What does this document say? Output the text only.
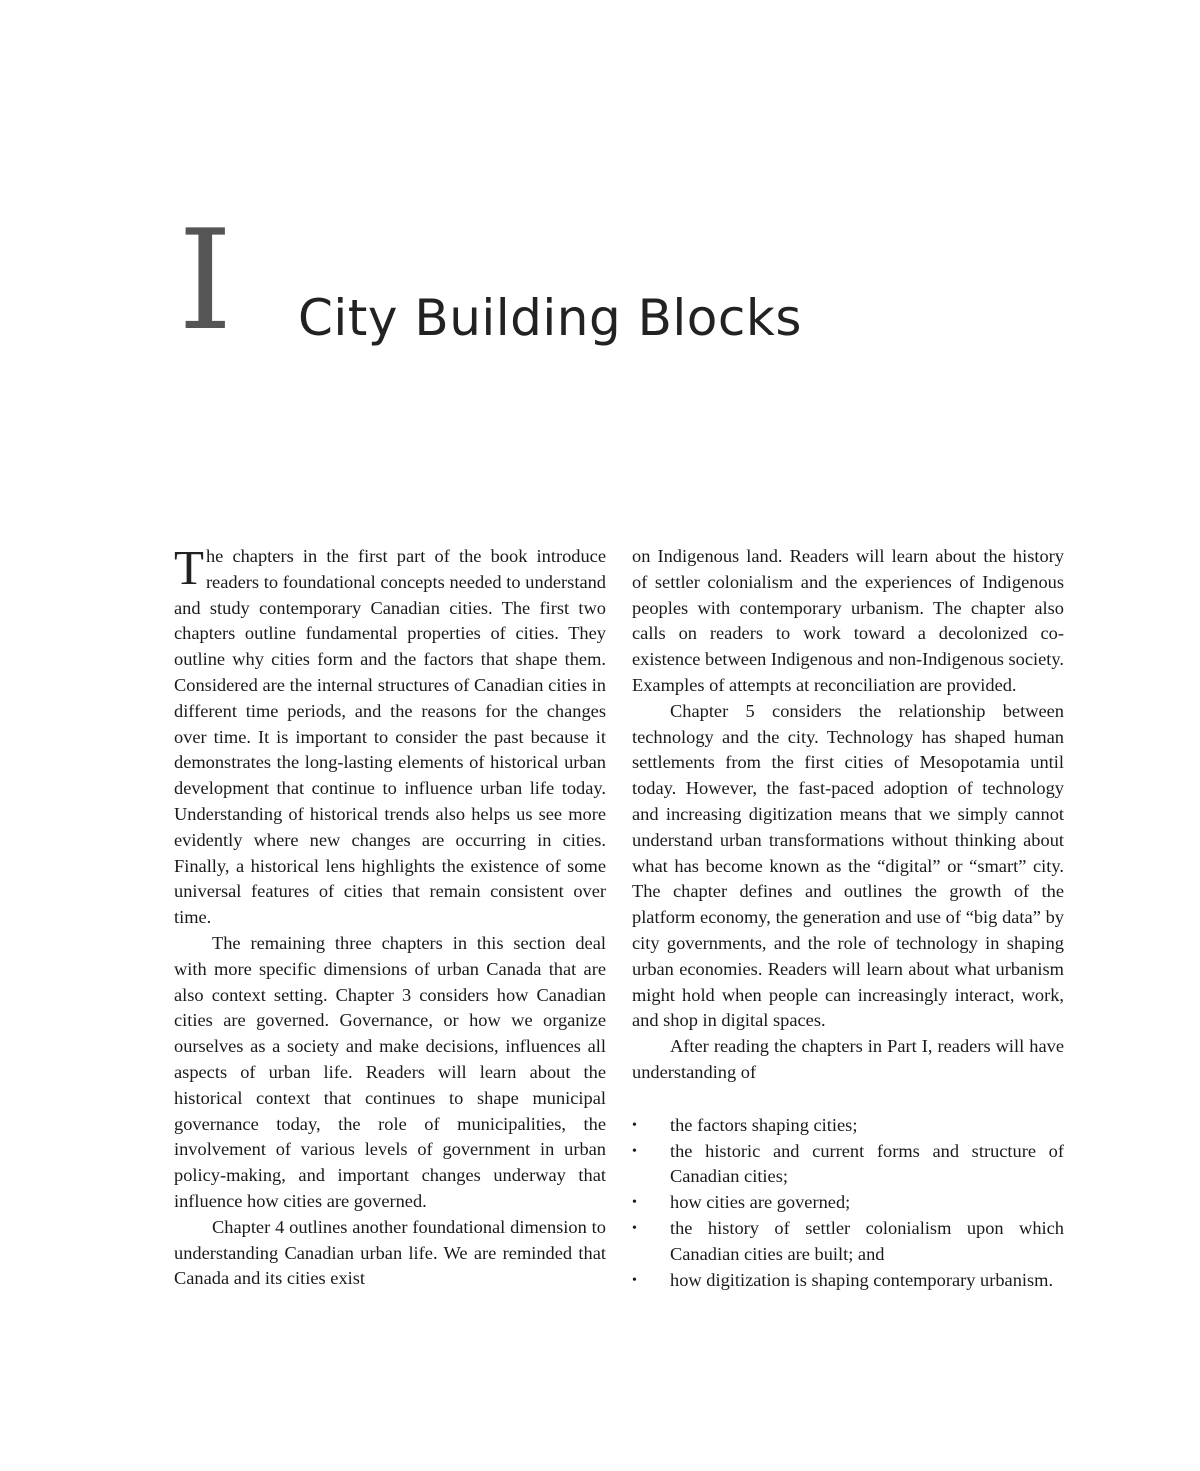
I City Building Blocks

The chapters in the first part of the book introduce readers to foundational concepts needed to understand and study contemporary Canadian cities. The first two chapters outline fundamental properties of cities. They outline why cities form and the factors that shape them. Considered are the internal structures of Canadian cities in different time periods, and the reasons for the changes over time. It is important to consider the past because it demonstrates the long-lasting elements of historical urban development that continue to influence urban life today. Understanding of historical trends also helps us see more evidently where new changes are occurring in cities. Finally, a historical lens highlights the existence of some universal features of cities that remain consistent over time.

The remaining three chapters in this section deal with more specific dimensions of urban Canada that are also context setting. Chapter 3 considers how Canadian cities are governed. Governance, or how we organize ourselves as a society and make decisions, influences all aspects of urban life. Readers will learn about the historical context that continues to shape municipal governance today, the role of municipalities, the involvement of various levels of government in urban policy-making, and important changes underway that influence how cities are governed.

Chapter 4 outlines another foundational dimension to understanding Canadian urban life. We are reminded that Canada and its cities exist

on Indigenous land. Readers will learn about the history of settler colonialism and the experiences of Indigenous peoples with contemporary urbanism. The chapter also calls on readers to work toward a decolonized co-existence between Indigenous and non-Indigenous society. Examples of attempts at reconciliation are provided.

Chapter 5 considers the relationship between technology and the city. Technology has shaped human settlements from the first cities of Mesopotamia until today. However, the fast-paced adoption of technology and increasing digitization means that we simply cannot understand urban transformations without thinking about what has become known as the “digital” or “smart” city. The chapter defines and outlines the growth of the platform economy, the generation and use of “big data” by city governments, and the role of technology in shaping urban economies. Readers will learn about what urbanism might hold when people can increasingly interact, work, and shop in digital spaces.

After reading the chapters in Part I, readers will have understanding of

• the factors shaping cities;
• the historic and current forms and structure of Canadian cities;
• how cities are governed;
• the history of settler colonialism upon which Canadian cities are built; and
• how digitization is shaping contemporary urbanism.
